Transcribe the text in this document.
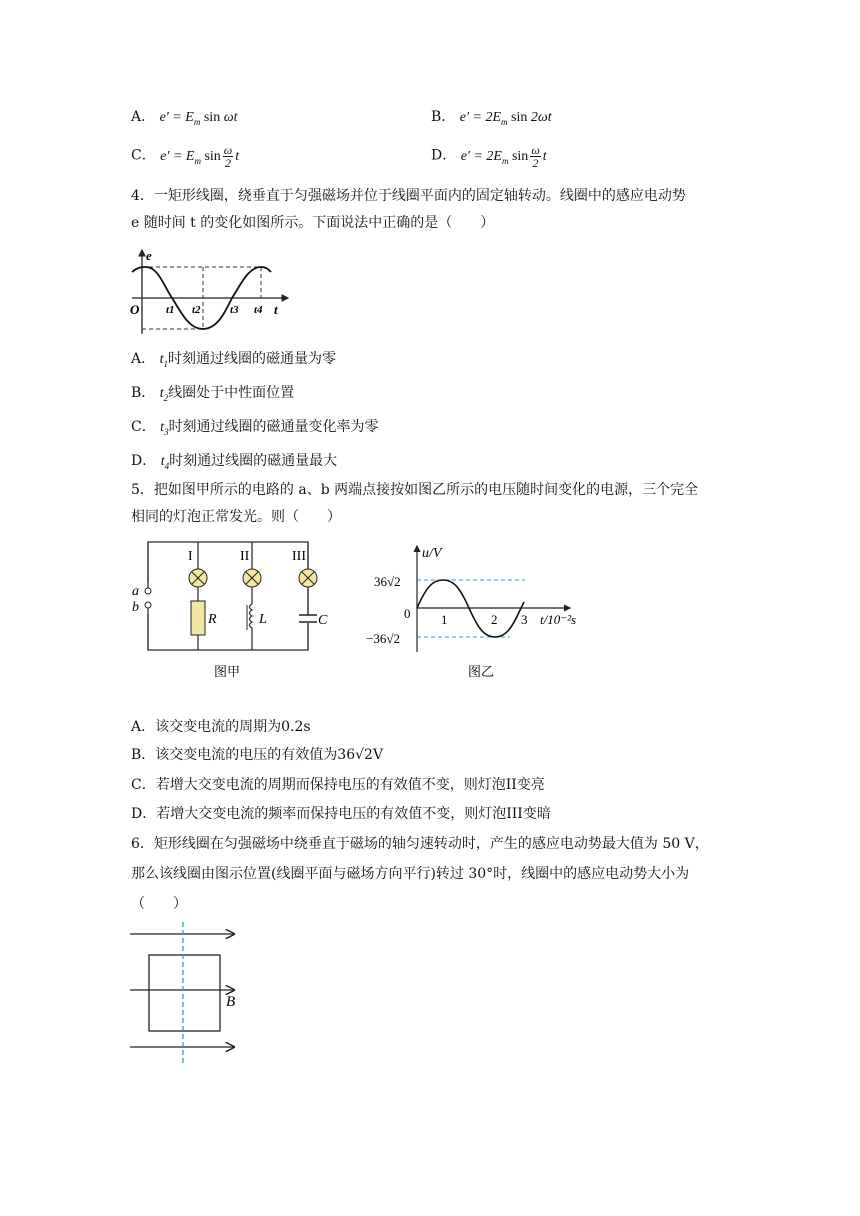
A． $e' = E_m$ sin ωt	B． $e' = 2E_m$ sin 2ωt
C． $e' = E_m$ $\sin \frac{\omega}{2}$ t	D． $e' = 2E_m$ $\sin \frac{\omega}{2}$ t
4．一矩形线圈，绕垂直于匀强磁场并位于线圈平面内的固定轴转动。线圈中的感应电动势
e 随时间 t 的变化如图所示。下面说法中正确的是（　　）
e
O	t
t1 t2	t3 t4
A． $t_1$时刻通过线圈的磁通量为零
B． $t_2$线圈处于中性面位置
C． $t_3$时刻通过线圈的磁通量变化率为零
D． $t_4$时刻通过线圈的磁通量最大
5．把如图甲所示的电路的 a、b 两端点接按如图乙所示的电压随时间变化的电源，三个完全
相同的灯泡正常发光。则（　　）
a
b
I
R
II
L
III
C
图甲
u/V
36√2
0
−36√2
1	2 3 t/10⁻²s
图乙
A．该交变电流的周期为0.2s
B．该交变电流的电压的有效值为36√2V
C．若增大交变电流的周期而保持电压的有效值不变，则灯泡II变亮
D．若增大交变电流的频率而保持电压的有效值不变，则灯泡III变暗
6．矩形线圈在匀强磁场中绕垂直于磁场的轴匀速转动时，产生的感应电动势最大值为 50 V，
那么该线圈由图示位置(线圈平面与磁场方向平行)转过 30°时，线圈中的感应电动势大小为
（　　）
B
